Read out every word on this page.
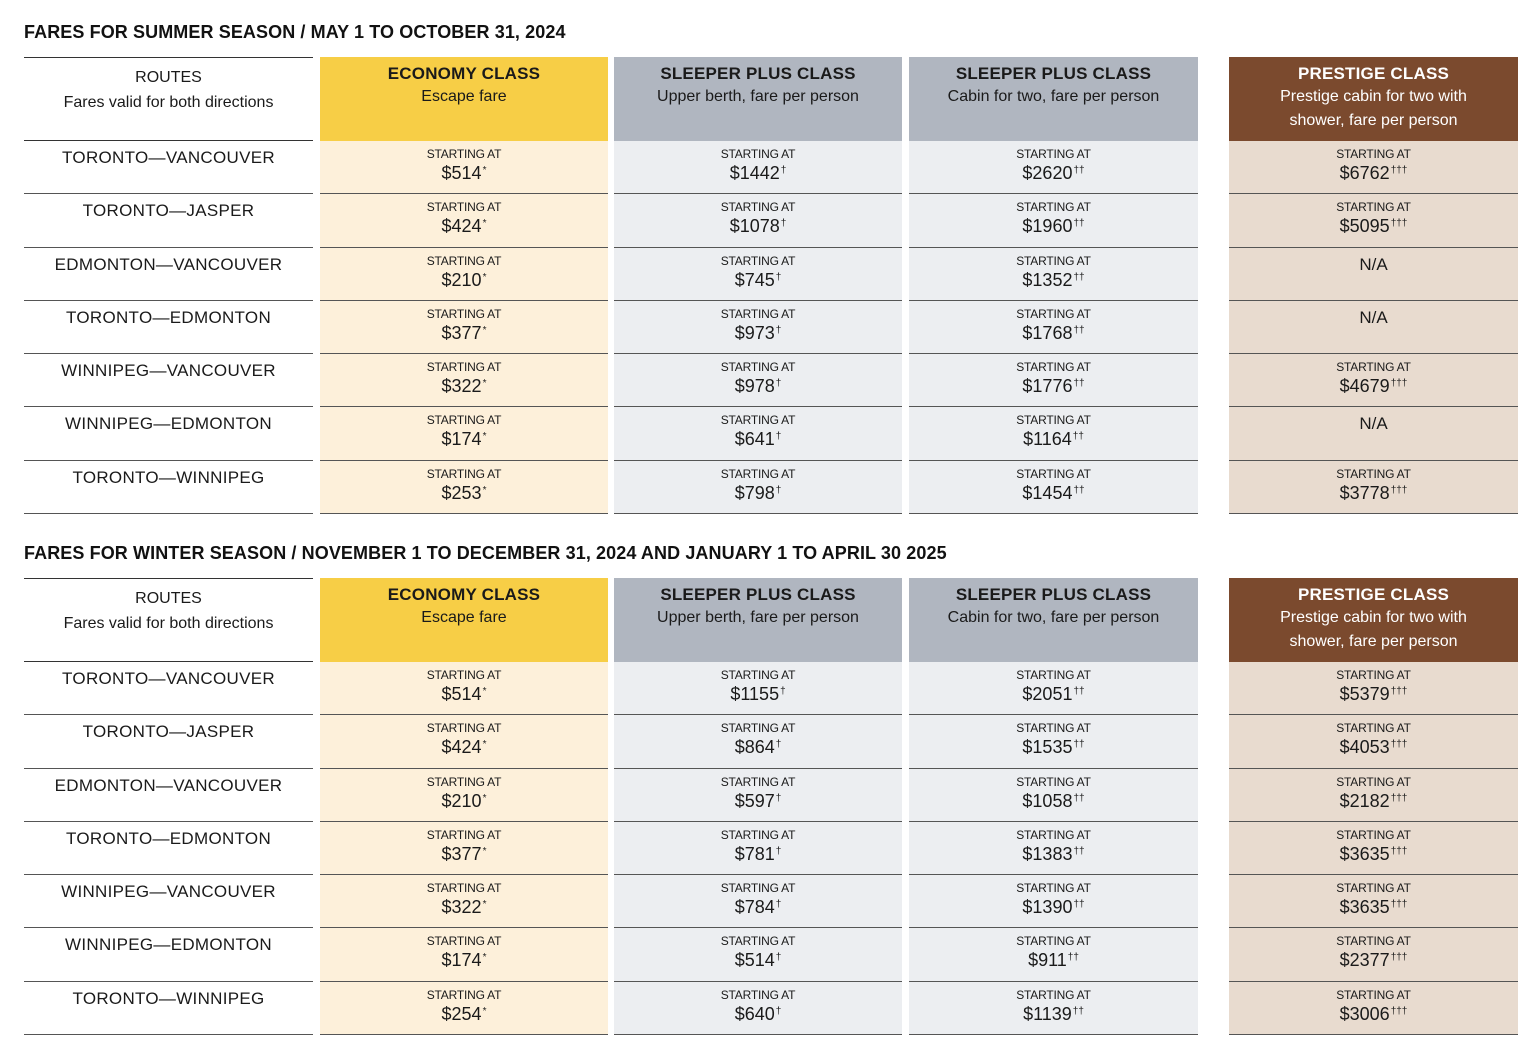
FARES FOR SUMMER SEASON / MAY 1 TO OCTOBER 31, 2024
ROUTES
Fares valid for both directions
TORONTO—VANCOUVER
TORONTO—JASPER
EDMONTON—VANCOUVER
TORONTO—EDMONTON
WINNIPEG—VANCOUVER
WINNIPEG—EDMONTON
TORONTO—WINNIPEG
ECONOMY CLASS
Escape fare
STARTING AT
$514*
STARTING AT
$424*
STARTING AT
$210*
STARTING AT
$377*
STARTING AT
$322*
STARTING AT
$174*
STARTING AT
$253*
SLEEPER PLUS CLASS
Upper berth, fare per person
STARTING AT
$1442†
STARTING AT
$1078†
STARTING AT
$745†
STARTING AT
$973†
STARTING AT
$978†
STARTING AT
$641†
STARTING AT
$798†
SLEEPER PLUS CLASS
Cabin for two, fare per person
STARTING AT
$2620††
STARTING AT
$1960††
STARTING AT
$1352††
STARTING AT
$1768††
STARTING AT
$1776††
STARTING AT
$1164††
STARTING AT
$1454††
PRESTIGE CLASS
Prestige cabin for two with
shower, fare per person
STARTING AT
$6762†††
STARTING AT
$5095†††
N/A
N/A
STARTING AT
$4679†††
N/A
STARTING AT
$3778†††
FARES FOR WINTER SEASON / NOVEMBER 1 TO DECEMBER 31, 2024 AND JANUARY 1 TO APRIL 30 2025
ROUTES
Fares valid for both directions
TORONTO—VANCOUVER
TORONTO—JASPER
EDMONTON—VANCOUVER
TORONTO—EDMONTON
WINNIPEG—VANCOUVER
WINNIPEG—EDMONTON
TORONTO—WINNIPEG
ECONOMY CLASS
Escape fare
STARTING AT
$514*
STARTING AT
$424*
STARTING AT
$210*
STARTING AT
$377*
STARTING AT
$322*
STARTING AT
$174*
STARTING AT
$254*
SLEEPER PLUS CLASS
Upper berth, fare per person
STARTING AT
$1155†
STARTING AT
$864†
STARTING AT
$597†
STARTING AT
$781†
STARTING AT
$784†
STARTING AT
$514†
STARTING AT
$640†
SLEEPER PLUS CLASS
Cabin for two, fare per person
STARTING AT
$2051††
STARTING AT
$1535††
STARTING AT
$1058††
STARTING AT
$1383††
STARTING AT
$1390††
STARTING AT
$911††
STARTING AT
$1139††
PRESTIGE CLASS
Prestige cabin for two with
shower, fare per person
STARTING AT
$5379†††
STARTING AT
$4053†††
STARTING AT
$2182†††
STARTING AT
$3635†††
STARTING AT
$3635†††
STARTING AT
$2377†††
STARTING AT
$3006†††
